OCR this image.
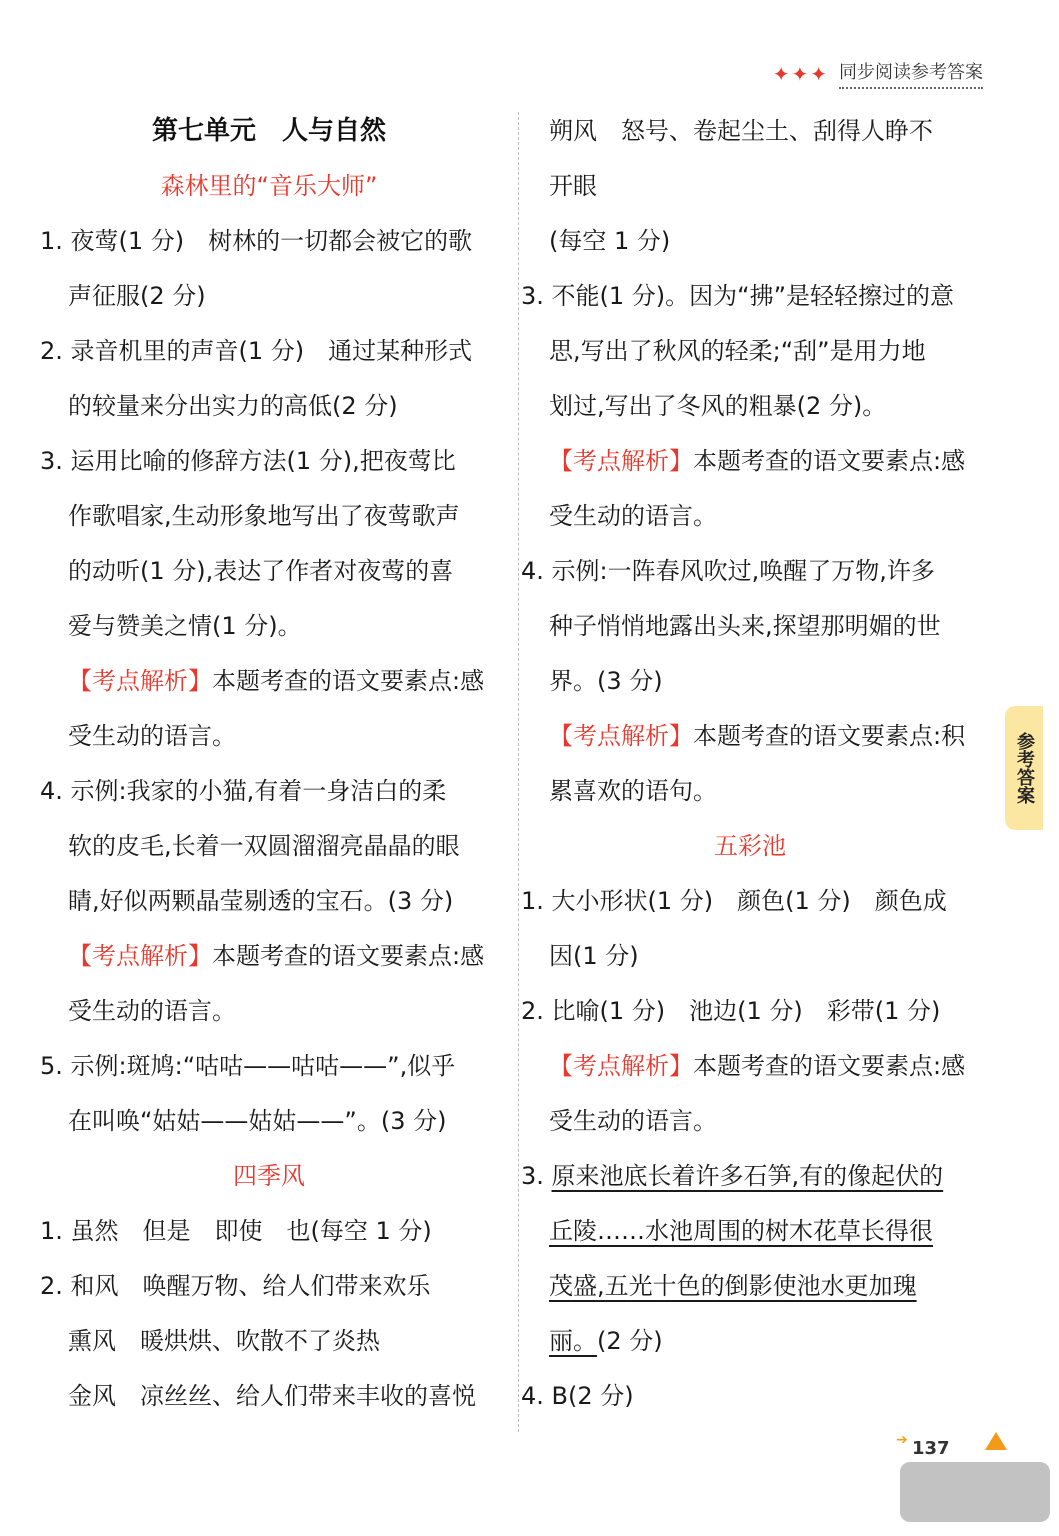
✦✦✦ 同步阅读参考答案
第七单元　人与自然
森林里的“音乐大师”
1. 夜莺(1 分)　树林的一切都会被它的歌
声征服(2 分)
2. 录音机里的声音(1 分)　通过某种形式
的较量来分出实力的高低(2 分)
3. 运用比喻的修辞方法(1 分),把夜莺比
作歌唱家,生动形象地写出了夜莺歌声
的动听(1 分),表达了作者对夜莺的喜
爱与赞美之情(1 分)。
【考点解析】本题考查的语文要素点:感
受生动的语言。
4. 示例:我家的小猫,有着一身洁白的柔
软的皮毛,长着一双圆溜溜亮晶晶的眼
睛,好似两颗晶莹剔透的宝石。(3 分)
【考点解析】本题考查的语文要素点:感
受生动的语言。
5. 示例:斑鸠:“咕咕——咕咕——”,似乎
在叫唤“姑姑——姑姑——”。(3 分)
四季风
1. 虽然　但是　即使　也(每空 1 分)
2. 和风　唤醒万物、给人们带来欢乐
熏风　暖烘烘、吹散不了炎热
金风　凉丝丝、给人们带来丰收的喜悦
朔风　怒号、卷起尘土、刮得人睁不
开眼
(每空 1 分)
3. 不能(1 分)。因为“拂”是轻轻擦过的意
思,写出了秋风的轻柔;“刮”是用力地
划过,写出了冬风的粗暴(2 分)。
【考点解析】本题考查的语文要素点:感
受生动的语言。
4. 示例:一阵春风吹过,唤醒了万物,许多
种子悄悄地露出头来,探望那明媚的世
界。(3 分)
【考点解析】本题考查的语文要素点:积
累喜欢的语句。
五彩池
1. 大小形状(1 分)　颜色(1 分)　颜色成
因(1 分)
2. 比喻(1 分)　池边(1 分)　彩带(1 分)
【考点解析】本题考查的语文要素点:感
受生动的语言。
3. 原来池底长着许多石笋,有的像起伏的
丘陵……水池周围的树木花草长得很
茂盛,五光十色的倒影使池水更加瑰
丽。(2 分)
4. B(2 分)
参考答案
➔ 137
